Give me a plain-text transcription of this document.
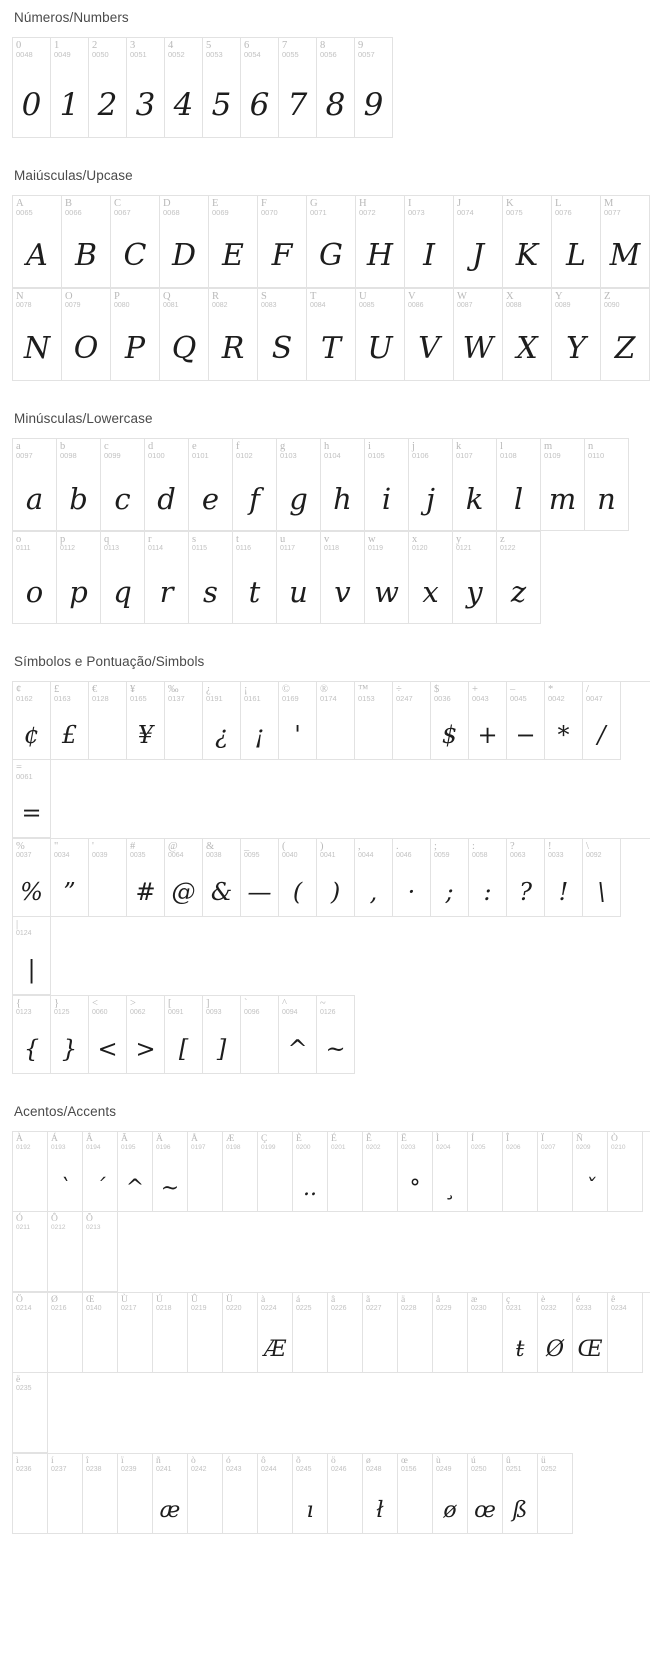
Números/Numbers
0
0048
0
1
0049
1
2
0050
2
3
0051
3
4
0052
4
5
0053
5
6
0054
6
7
0055
7
8
0056
8
9
0057
9
Maiúsculas/Upcase
A
0065
A
B
0066
B
C
0067
C
D
0068
D
E
0069
E
F
0070
F
G
0071
G
H
0072
H
I
0073
I
J
0074
J
K
0075
K
L
0076
L
M
0077
M
N
0078
N
O
0079
O
P
0080
P
Q
0081
Q
R
0082
R
S
0083
S
T
0084
T
U
0085
U
V
0086
V
W
0087
W
X
0088
X
Y
0089
Y
Z
0090
Z
Minúsculas/Lowercase
a
0097
a
b
0098
b
c
0099
c
d
0100
d
e
0101
e
f
0102
f
g
0103
g
h
0104
h
i
0105
i
j
0106
j
k
0107
k
l
0108
l
m
0109
m
n
0110
n
o
0111
o
p
0112
p
q
0113
q
r
0114
r
s
0115
s
t
0116
t
u
0117
u
v
0118
v
w
0119
w
x
0120
x
y
0121
y
z
0122
z
Símbolos e Pontuação/Simbols
¢
0162
¢
£
0163
£
€
0128
¥
0165
¥
‰
0137
¿
0191
¿
¡
0161
¡
©
0169
'
®
0174
™
0153
÷
0247
$
0036
$
+
0043
+
–
0045
−
*
0042
*
/
0047
/
=
0061
=
%
0037
%
"
0034
”
'
0039
#
0035
#
@
0064
@
&
0038
&
_
0095
—
(
0040
(
)
0041
)
,
0044
,
.
0046
·
;
0059
;
:
0058
:
?
0063
?
!
0033
!
\
0092
\
|
0124
|
{
0123
{
}
0125
}
<
0060
<
>
0062
>
[
0091
[
]
0093
]
`
0096
^
0094
^
~
0126
~
Acentos/Accents
À
0192
Á
0193
`
Â
0194
´
Ã
0195
^
Ä
0196
~
Å
0197
Æ
0198
Ç
0199
È
0200
..
É
0201
Ê
0202
Ë
0203
°
Ì
0204
¸
Í
0205
Î
0206
Ï
0207
Ñ
0209
ˇ
Ò
0210
Ó
0211
Ô
0212
Õ
0213
Ö
0214
Ø
0216
Œ
0140
Ù
0217
Ú
0218
Û
0219
Ü
0220
à
0224
Æ
á
0225
â
0226
ã
0227
ä
0228
å
0229
æ
0230
ç
0231
ŧ
è
0232
Ø
é
0233
Œ
ê
0234
ë
0235
ì
0236
í
0237
î
0238
ï
0239
ñ
0241
æ
ò
0242
ó
0243
ô
0244
õ
0245
ı
ö
0246
ø
0248
ł
œ
0156
ù
0249
ø
ú
0250
œ
û
0251
ß
ü
0252
